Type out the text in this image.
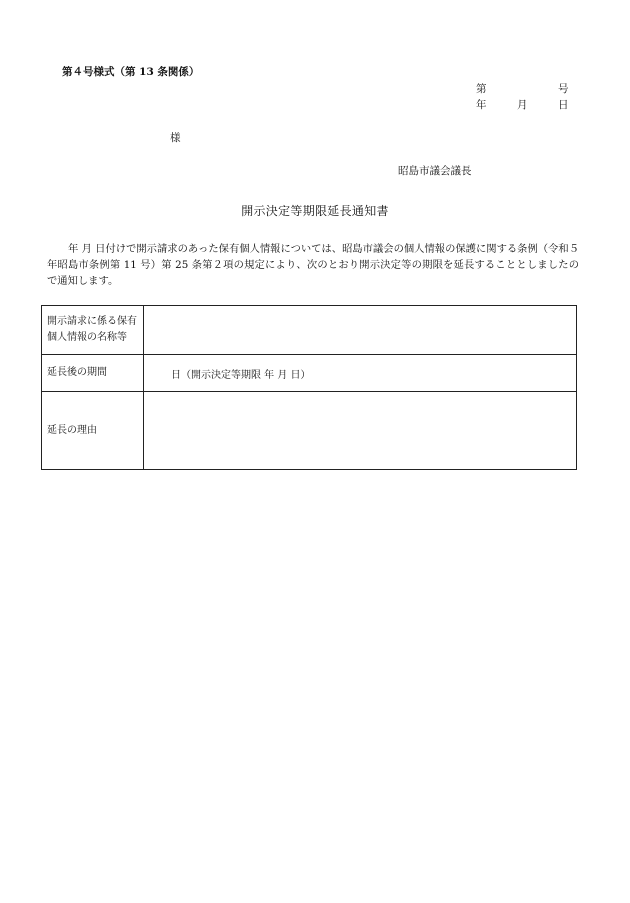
第４号様式（第 13 条関係）
第	号
年	月	日
様
昭島市議会議長
開示決定等期限延長通知書
年 月 日付けで開示請求のあった保有個人情報については、昭島市議会の個人情報の保護に関する条例（令和５年昭島市条例第 11 号）第 25 条第２項の規定により、次のとおり開示決定等の期限を延長することとしましたので通知します。
開示請求に係る保有個人情報の名称等	
延長後の期間	日（開示決定等期限 年 月 日）
延長の理由	
